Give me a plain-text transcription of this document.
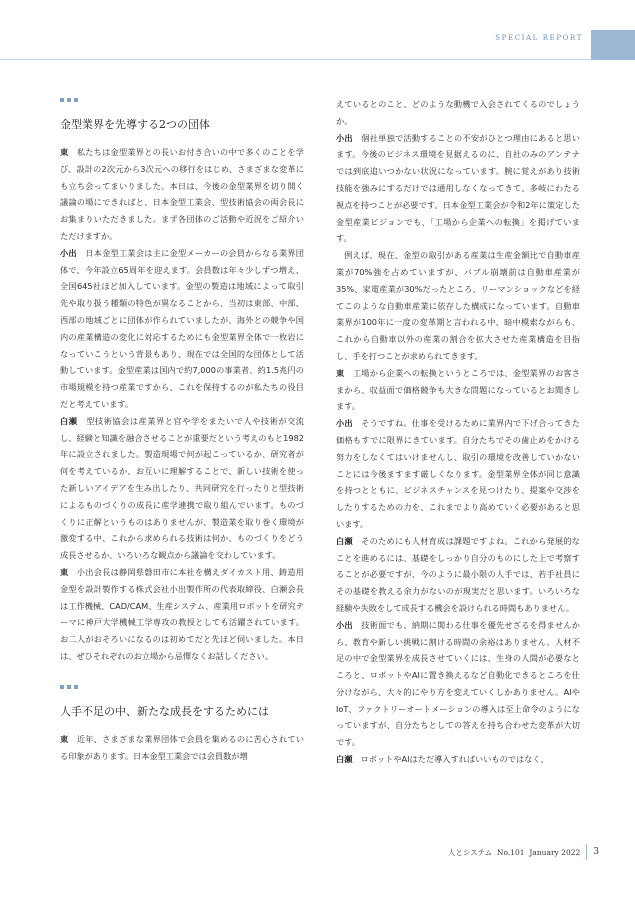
SPECIAL REPORT
金型業界を先導する2つの団体

東　私たちは金型業界との長いお付き合いの中で多くのことを学び、設計の2次元から3次元への移行をはじめ、さまざまな変革にも立ち会ってまいりました。本日は、今後の金型業界を切り開く議論の場にできればと、日本金型工業会、型技術協会の両会長にお集まりいただきました。まず各団体のご活動や近況をご紹介いただけますか。

小出　日本金型工業会は主に金型メーカーの会員からなる業界団体で、今年設立65周年を迎えます。会員数は年々少しずつ増え、全国645社ほど加入しています。金型の製造は地域によって取引先や取り扱う種類の特色が異なることから、当初は東部、中部、西部の地域ごとに団体が作られていましたが、海外との競争や国内の産業構造の変化に対応するためにも金型業界全体で一枚岩になっていこうという背景もあり、現在では全国的な団体として活動しています。金型産業は国内で約7,000の事業者、約1.5兆円の市場規模を持つ産業ですから、これを保持するのが私たちの役目だと考えています。

白瀬　型技術協会は産業界と官や学をまたいで人や技術が交流し、経験と知識を融合させることが重要だという考えのもと1982年に設立されました。製造現場で何が起こっているか、研究者が何を考えているか、お互いに理解することで、新しい技術を使った新しいアイデアを生み出したり、共同研究を行ったりと型技術によるものづくりの成長に産学連携で取り組んでいます。ものづくりに正解というものはありませんが、製造業を取り巻く環境が激変する中、これから求められる技術は何か、ものづくりをどう成長させるか、いろいろな観点から議論を交わしています。

東　小出会長は静岡県磐田市に本社を構えダイカスト用、鋳造用金型を設計製作する株式会社小出製作所の代表取締役、白瀬会長は工作機械、CAD/CAM、生産システム、産業用ロボットを研究テーマに神戸大学機械工学専攻の教授としても活躍されています。お二人がおそろいになるのは初めてだと先ほど伺いました。本日は、ぜひそれぞれのお立場から忌憚なくお話しください。

人手不足の中、新たな成長をするためには

東　近年、さまざまな業界団体で会員を集めるのに苦心されている印象があります。日本金型工業会では会員数が増

えているとのこと、どのような動機で入会されてくるのでしょうか。

小出　個社単独で活動することの不安がひとつ理由にあると思います。今後のビジネス環境を見据えるのに、自社のみのアンテナでは到底追いつかない状況になっています。腕に覚えがあり技術技能を強みにするだけでは通用しなくなってきて、多岐にわたる視点を持つことが必要です。日本金型工業会が令和2年に策定した金型産業ビジョンでも、「工場から企業への転換」を掲げています。

例えば、現在、金型の取引がある産業は生産金額比で自動車産業が70%強を占めていますが、バブル崩壊前は自動車産業が35%、家電産業が30%だったところ、リーマンショックなどを経てこのような自動車産業に依存した構成になっています。自動車業界が100年に一度の変革期と言われる中、暗中模索ながらも、これから自動車以外の産業の割合を拡大させた産業構造を目指し、手を打つことが求められてきます。

東　工場から企業への転換というところでは、金型業界のお客さまから、収益面で価格競争も大きな問題になっているとお聞きします。

小出　そうですね。仕事を受けるために業界内で下げ合ってきた価格もすでに限界にきています。自分たちでその歯止めをかける努力をしなくてはいけませんし、取引の環境を改善していかないことには今後ますます厳しくなります。金型業界全体が同じ意識を持つとともに、ビジネスチャンスを見つけたり、提案や交渉をしたりするための力を、これまでより高めていく必要があると思います。

白瀬　そのためにも人材育成は課題ですよね。これから発展的なことを進めるには、基礎をしっかり自分のものにした上で考察することが必要ですが、今のように最小限の人手では、若手社員にその基礎を教える余力がないのが現実だと思います。いろいろな経験や失敗をして成長する機会を設けられる時間もありません。

小出　技術面でも、納期に関わる仕事を優先せざるを得ませんから、教育や新しい挑戦に割ける時間の余裕はありません。人材不足の中で金型業界を成長させていくには、生身の人間が必要なところと、ロボットやAIに置き換えるなど自動化できるところを仕分けながら、大々的にやり方を変えていくしかありません。AIやIoT、ファクトリーオートメーションの導入は至上命令のようになっていますが、自分たちとしての答えを持ち合わせた変革が大切です。

白瀬　ロボットやAIはただ導入すればいいものではなく、

人とシステム
No.101
January 2022 3
